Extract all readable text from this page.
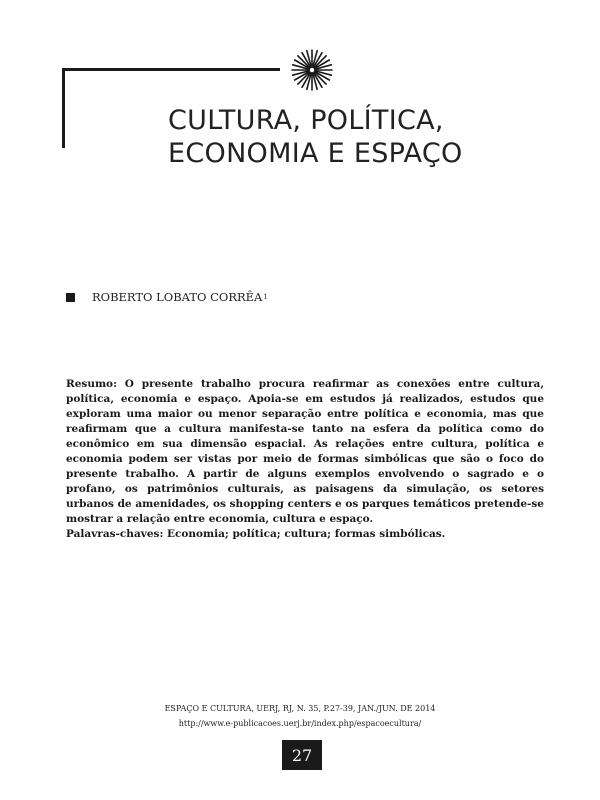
CULTURA, POLÍTICA,
ECONOMIA E ESPAÇO
ROBERTO LOBATO CORRÊA 1
Resumo: O presente trabalho procura reafirmar as conexões entre cultura, política, economia e espaço. Apoia-se em estudos já realizados, estudos que exploram uma maior ou menor separação entre política e economia, mas que reafirmam que a cultura manifesta-se tanto na esfera da política como do econômico em sua dimensão espacial. As relações entre cultura, política e economia podem ser vistas por meio de formas simbólicas que são o foco do presente trabalho. A partir de alguns exemplos envolvendo o sagrado e o profano, os patrimônios culturais, as paisagens da simulação, os setores urbanos de amenidades, os shopping centers e os parques temáticos pretende-se mostrar a relação entre economia, cultura e espaço.
Palavras-chaves: Economia; política; cultura; formas simbólicas.
ESPAÇO E CULTURA, UERJ, RJ, N. 35, P.27-39, JAN./JUN. DE 2014
http://www.e-publicacoes.uerj.br/index.php/espacoecultura/
27
